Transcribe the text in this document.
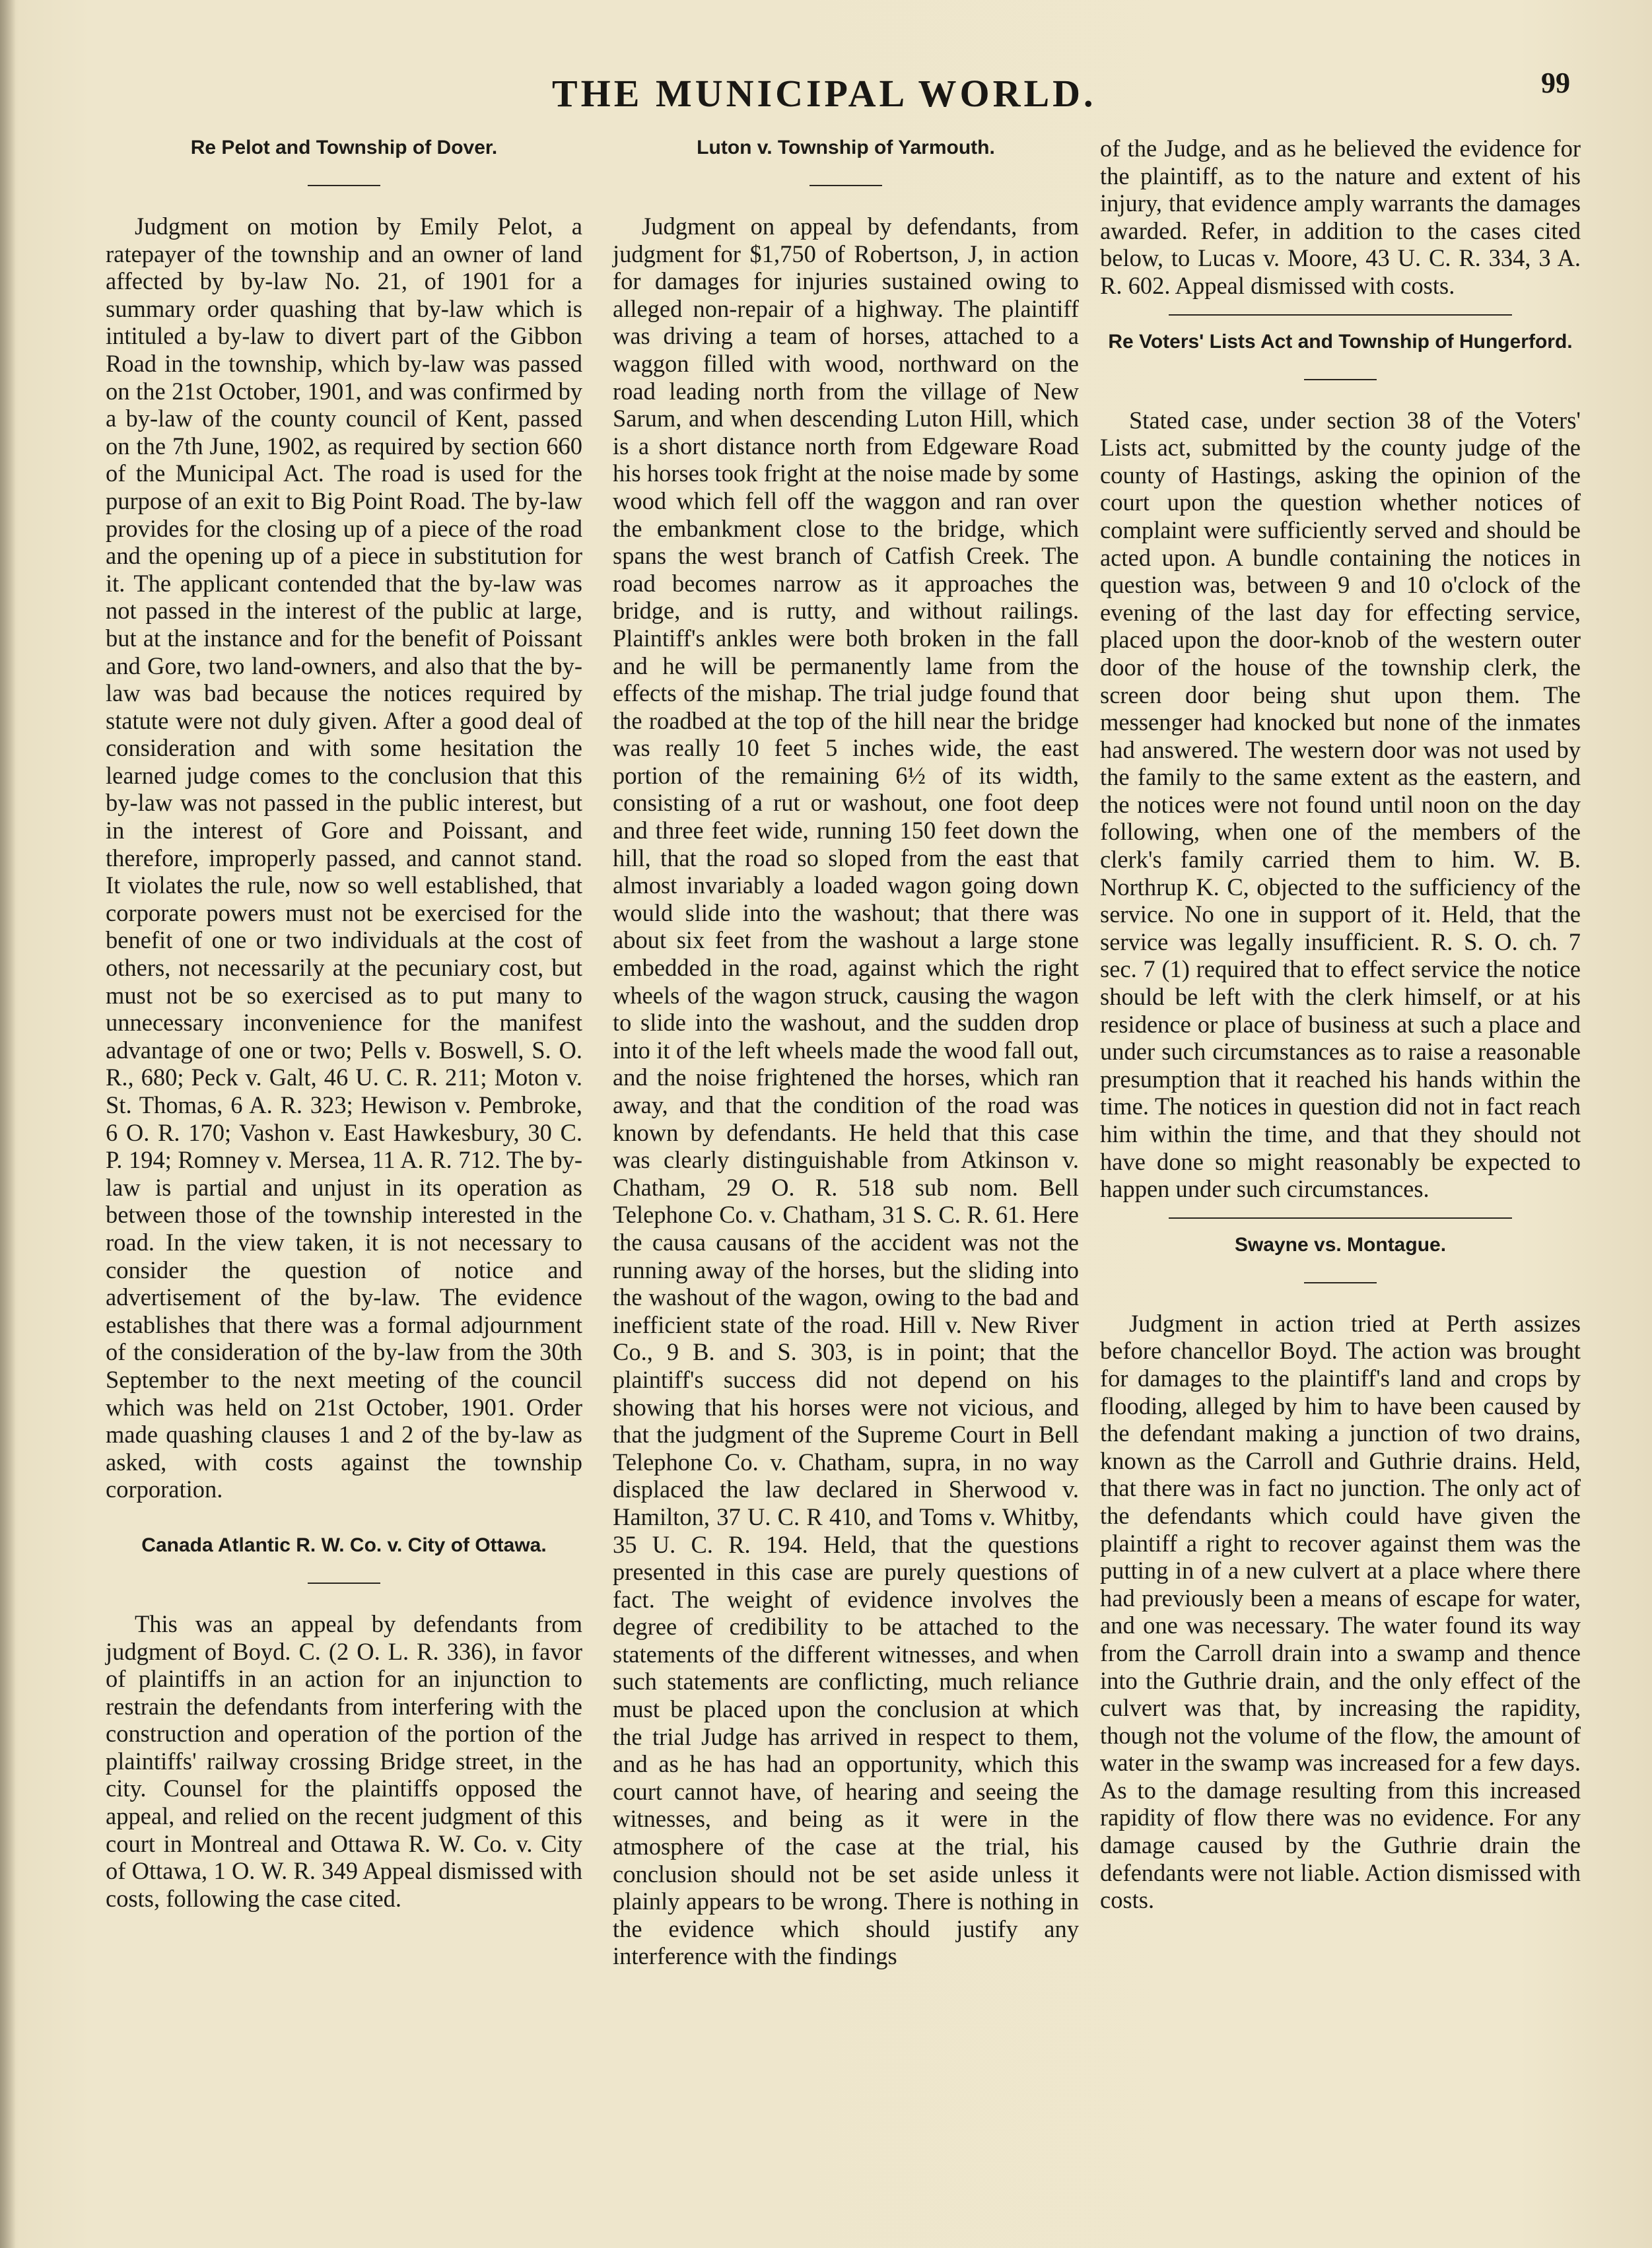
THE MUNICIPAL WORLD.	99
Re Pelot and Township of Dover.

Judgment on motion by Emily Pelot, a ratepayer of the township and an owner of land affected by by-law No. 21, of 1901 for a summary order quashing that by-law which is intituled a by-law to divert part of the Gibbon Road in the township, which by-law was passed on the 21st October, 1901, and was confirmed by a by-law of the county council of Kent, passed on the 7th June, 1902, as required by section 660 of the Municipal Act. The road is used for the purpose of an exit to Big Point Road. The by-law provides for the closing up of a piece of the road and the opening up of a piece in substitution for it. The applicant contended that the by-law was not passed in the interest of the public at large, but at the instance and for the benefit of Poissant and Gore, two land-owners, and also that the by-law was bad because the notices required by statute were not duly given. After a good deal of consideration and with some hesitation the learned judge comes to the conclusion that this by-law was not passed in the public interest, but in the interest of Gore and Poissant, and therefore, improperly passed, and cannot stand. It violates the rule, now so well established, that corporate powers must not be exercised for the benefit of one or two individuals at the cost of others, not necessarily at the pecuniary cost, but must not be so exercised as to put many to unnecessary inconvenience for the manifest advantage of one or two; Pells v. Boswell, S. O. R., 680; Peck v. Galt, 46 U. C. R. 211; Moton v. St. Thomas, 6 A. R. 323; Hewison v. Pembroke, 6 O. R. 170; Vashon v. East Hawkesbury, 30 C. P. 194; Romney v. Mersea, 11 A. R. 712. The by-law is partial and unjust in its operation as between those of the township interested in the road. In the view taken, it is not necessary to consider the question of notice and advertisement of the by-law. The evidence establishes that there was a formal adjournment of the consideration of the by-law from the 30th September to the next meeting of the council which was held on 21st October, 1901. Order made quashing clauses 1 and 2 of the by-law as asked, with costs against the township corporation.

Canada Atlantic R. W. Co. v. City of Ottawa.

This was an appeal by defendants from judgment of Boyd. C. (2 O. L. R. 336), in favor of plaintiffs in an action for an injunction to restrain the defendants from interfering with the construction and operation of the portion of the plaintiffs' railway crossing Bridge street, in the city. Counsel for the plaintiffs opposed the appeal, and relied on the recent judgment of this court in Montreal and Ottawa R. W. Co. v. City of Ottawa, 1 O. W. R. 349 Appeal dismissed with costs, following the case cited.

Luton v. Township of Yarmouth.

Judgment on appeal by defendants, from judgment for $1,750 of Robertson, J, in action for damages for injuries sustained owing to alleged non-repair of a highway. The plaintiff was driving a team of horses, attached to a waggon filled with wood, northward on the road leading north from the village of New Sarum, and when descending Luton Hill, which is a short distance north from Edgeware Road his horses took fright at the noise made by some wood which fell off the waggon and ran over the embankment close to the bridge, which spans the west branch of Catfish Creek. The road becomes narrow as it approaches the bridge, and is rutty, and without railings. Plaintiff's ankles were both broken in the fall and he will be permanently lame from the effects of the mishap. The trial judge found that the roadbed at the top of the hill near the bridge was really 10 feet 5 inches wide, the east portion of the remaining 6½ of its width, consisting of a rut or washout, one foot deep and three feet wide, running 150 feet down the hill, that the road so sloped from the east that almost invariably a loaded wagon going down would slide into the washout; that there was about six feet from the washout a large stone embedded in the road, against which the right wheels of the wagon struck, causing the wagon to slide into the washout, and the sudden drop into it of the left wheels made the wood fall out, and the noise frightened the horses, which ran away, and that the condition of the road was known by defendants. He held that this case was clearly distinguishable from Atkinson v. Chatham, 29 O. R. 518 sub nom. Bell Telephone Co. v. Chatham, 31 S. C. R. 61. Here the causa causans of the accident was not the running away of the horses, but the sliding into the washout of the wagon, owing to the bad and inefficient state of the road. Hill v. New River Co., 9 B. and S. 303, is in point; that the plaintiff's success did not depend on his showing that his horses were not vicious, and that the judgment of the Supreme Court in Bell Telephone Co. v. Chatham, supra, in no way displaced the law declared in Sherwood v. Hamilton, 37 U. C. R 410, and Toms v. Whitby, 35 U. C. R. 194. Held, that the questions presented in this case are purely questions of fact. The weight of evidence involves the degree of credibility to be attached to the statements of the different witnesses, and when such statements are conflicting, much reliance must be placed upon the conclusion at which the trial Judge has arrived in respect to them, and as he has had an opportunity, which this court cannot have, of hearing and seeing the witnesses, and being as it were in the atmosphere of the case at the trial, his conclusion should not be set aside unless it plainly appears to be wrong. There is nothing in the evidence which should justify any interference with the findings

of the Judge, and as he believed the evidence for the plaintiff, as to the nature and extent of his injury, that evidence amply warrants the damages awarded. Refer, in addition to the cases cited below, to Lucas v. Moore, 43 U. C. R. 334, 3 A. R. 602. Appeal dismissed with costs.

Re Voters' Lists Act and Township of Hungerford.

Stated case, under section 38 of the Voters' Lists act, submitted by the county judge of the county of Hastings, asking the opinion of the court upon the question whether notices of complaint were sufficiently served and should be acted upon. A bundle containing the notices in question was, between 9 and 10 o'clock of the evening of the last day for effecting service, placed upon the door-knob of the western outer door of the house of the township clerk, the screen door being shut upon them. The messenger had knocked but none of the inmates had answered. The western door was not used by the family to the same extent as the eastern, and the notices were not found until noon on the day following, when one of the members of the clerk's family carried them to him. W. B. Northrup K. C, objected to the sufficiency of the service. No one in support of it. Held, that the service was legally insufficient. R. S. O. ch. 7 sec. 7 (1) required that to effect service the notice should be left with the clerk himself, or at his residence or place of business at such a place and under such circumstances as to raise a reasonable presumption that it reached his hands within the time. The notices in question did not in fact reach him within the time, and that they should not have done so might reasonably be expected to happen under such circumstances.

Swayne vs. Montague.

Judgment in action tried at Perth assizes before chancellor Boyd. The action was brought for damages to the plaintiff's land and crops by flooding, alleged by him to have been caused by the defendant making a junction of two drains, known as the Carroll and Guthrie drains. Held, that there was in fact no junction. The only act of the defendants which could have given the plaintiff a right to recover against them was the putting in of a new culvert at a place where there had previously been a means of escape for water, and one was necessary. The water found its way from the Carroll drain into a swamp and thence into the Guthrie drain, and the only effect of the culvert was that, by increasing the rapidity, though not the volume of the flow, the amount of water in the swamp was increased for a few days. As to the damage resulting from this increased rapidity of flow there was no evidence. For any damage caused by the Guthrie drain the defendants were not liable. Action dismissed with costs.
